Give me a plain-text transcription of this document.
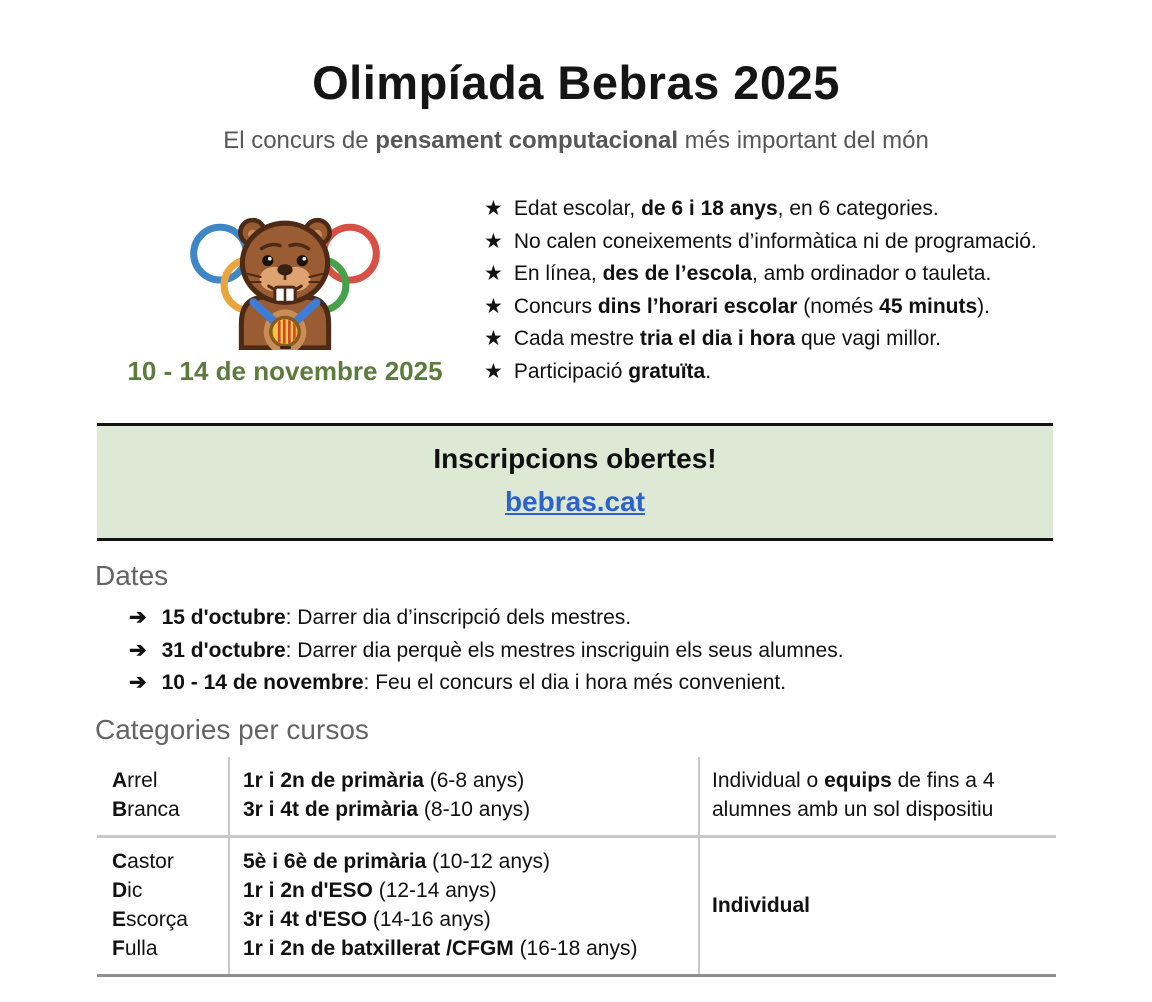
Olimpíada Bebras 2025
El concurs de pensament computacional més important del món
10 - 14 de novembre 2025
★ Edat escolar, de 6 i 18 anys, en 6 categories.
★ No calen coneixements d’informàtica ni de programació.
★ En línea, des de l’escola, amb ordinador o tauleta.
★ Concurs dins l’horari escolar (només 45 minuts).
★ Cada mestre tria el dia i hora que vagi millor.
★ Participació gratuïta.
Inscripcions obertes!
bebras.cat
Dates
➔ 15 d'octubre: Darrer dia d’inscripció dels mestres.
➔ 31 d'octubre: Darrer dia perquè els mestres inscriguin els seus alumnes.
➔ 10 - 14 de novembre: Feu el concurs el dia i hora més convenient.
Categories per cursos
Arrel
Branca
1r i 2n de primària (6-8 anys)
3r i 4t de primària (8-10 anys)
Individual o equips de fins a 4 alumnes amb un sol dispositiu
Castor
Dic
Escorça
Fulla
5è i 6è de primària (10-12 anys)
1r i 2n d'ESO (12-14 anys)
3r i 4t d'ESO (14-16 anys)
1r i 2n de batxillerat /CFGM (16-18 anys)
Individual
